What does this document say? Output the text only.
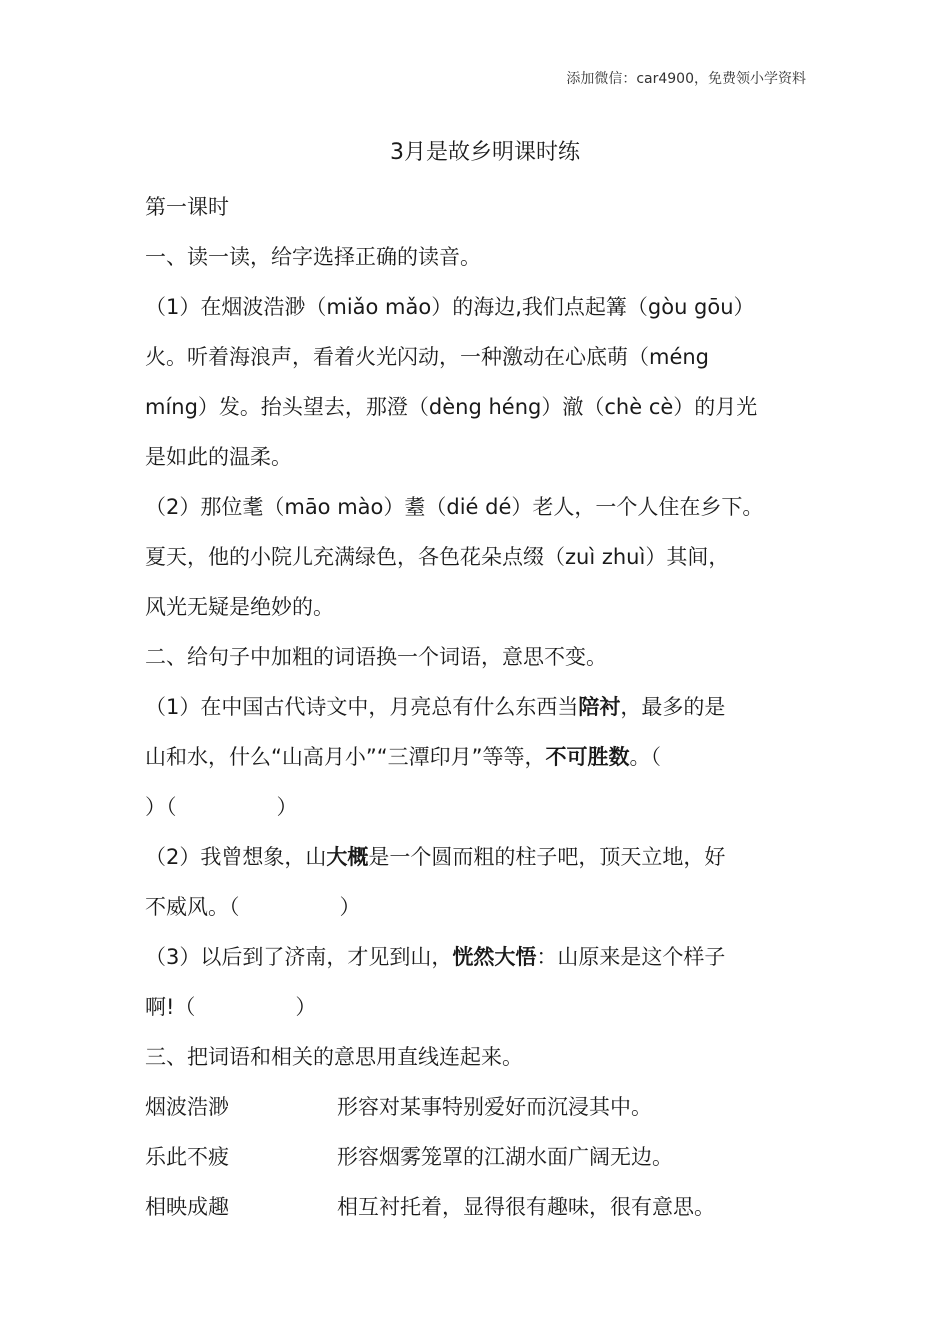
添加微信：car4900，免费领小学资料
3月是故乡明课时练

第一课时

一、读一读，给字选择正确的读音。

（1）在烟波浩渺（miǎo mǎo）的海边,我们点起篝（gòu gōu）

火。听着海浪声，看着火光闪动，一种激动在心底萌（méng

míng）发。抬头望去，那澄（dèng héng）澈（chè cè）的月光

是如此的温柔。

（2）那位耄（māo mào）耋（dié dé）老人，一个人住在乡下。

夏天，他的小院儿充满绿色，各色花朵点缀（zuì zhuì）其间，

风光无疑是绝妙的。

二、给句子中加粗的词语换一个词语，意思不变。

（1）在中国古代诗文中，月亮总有什么东西当陪衬，最多的是

山和水，什么“山高月小”“三潭印月”等等，不可胜数。（

）（	）

（2）我曾想象，山大概是一个圆而粗的柱子吧，顶天立地，好

不威风。（	）

（3）以后到了济南，才见到山，恍然大悟：山原来是这个样子

啊!（	）

三、把词语和相关的意思用直线连起来。

烟波浩渺	形容对某事特别爱好而沉浸其中。
乐此不疲	形容烟雾笼罩的江湖水面广阔无边。
相映成趣	相互衬托着，显得很有趣味，很有意思。
